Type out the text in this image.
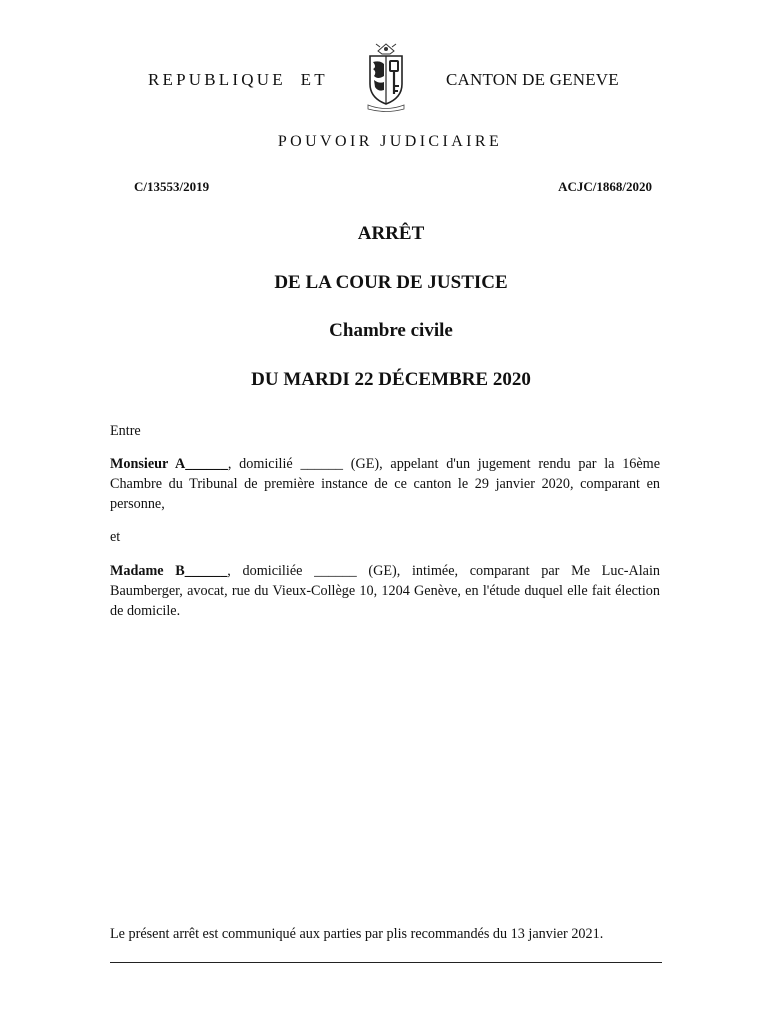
REPUBLIQUE  ET	CANTON DE GENEVE
POUVOIR JUDICIAIRE
C/13553/2019	ACJC/1868/2020
ARRÊT
DE LA COUR DE JUSTICE
Chambre civile
DU MARDI 22 DÉCEMBRE 2020
Entre
Monsieur A______, domicilié ______ (GE), appelant d'un jugement rendu par la 16ème Chambre du Tribunal de première instance de ce canton le 29 janvier 2020, comparant en personne,
et
Madame B______, domiciliée ______ (GE), intimée, comparant par Me Luc-Alain Baumberger, avocat, rue du Vieux-Collège 10, 1204 Genève, en l'étude duquel elle fait élection de domicile.
Le présent arrêt est communiqué aux parties par plis recommandés du 13 janvier 2021.
